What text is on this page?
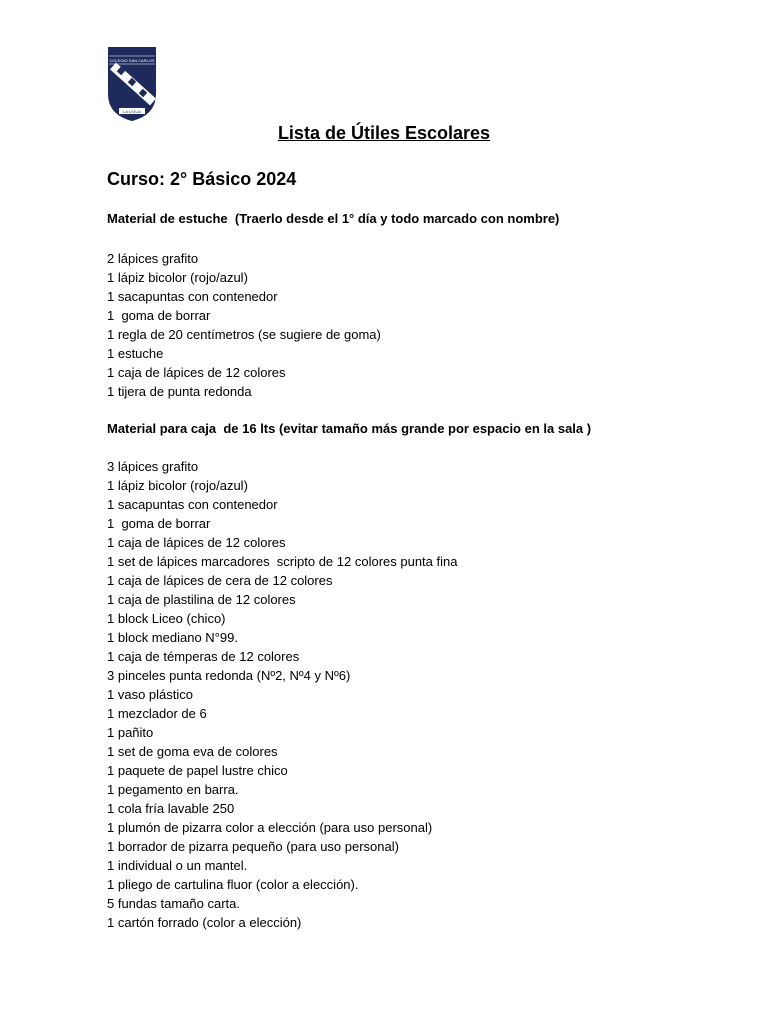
COLEGIO SAN CARLOS
LA LIGUA
Lista de Útiles Escolares
Curso: 2° Básico 2024
Material de estuche  (Traerlo desde el 1° día y todo marcado con nombre)
2 lápices grafito
1 lápiz bicolor (rojo/azul)
1 sacapuntas con contenedor
1  goma de borrar
1 regla de 20 centímetros (se sugiere de goma)
1 estuche
1 caja de lápices de 12 colores
1 tijera de punta redonda
Material para caja  de 16 lts (evitar tamaño más grande por espacio en la sala )
3 lápices grafito
1 lápiz bicolor (rojo/azul)
1 sacapuntas con contenedor
1  goma de borrar
1 caja de lápices de 12 colores
1 set de lápices marcadores  scripto de 12 colores punta fina
1 caja de lápices de cera de 12 colores
1 caja de plastilina de 12 colores
1 block Liceo (chico)
1 block mediano N°99.
1 caja de témperas de 12 colores
3 pinceles punta redonda (Nº2, Nº4 y Nº6)
1 vaso plástico
1 mezclador de 6
1 pañito
1 set de goma eva de colores
1 paquete de papel lustre chico
1 pegamento en barra.
1 cola fría lavable 250
1 plumón de pizarra color a elección (para uso personal)
1 borrador de pizarra pequeño (para uso personal)
1 individual o un mantel.
1 pliego de cartulina fluor (color a elección).
5 fundas tamaño carta.
1 cartón forrado (color a elección)
